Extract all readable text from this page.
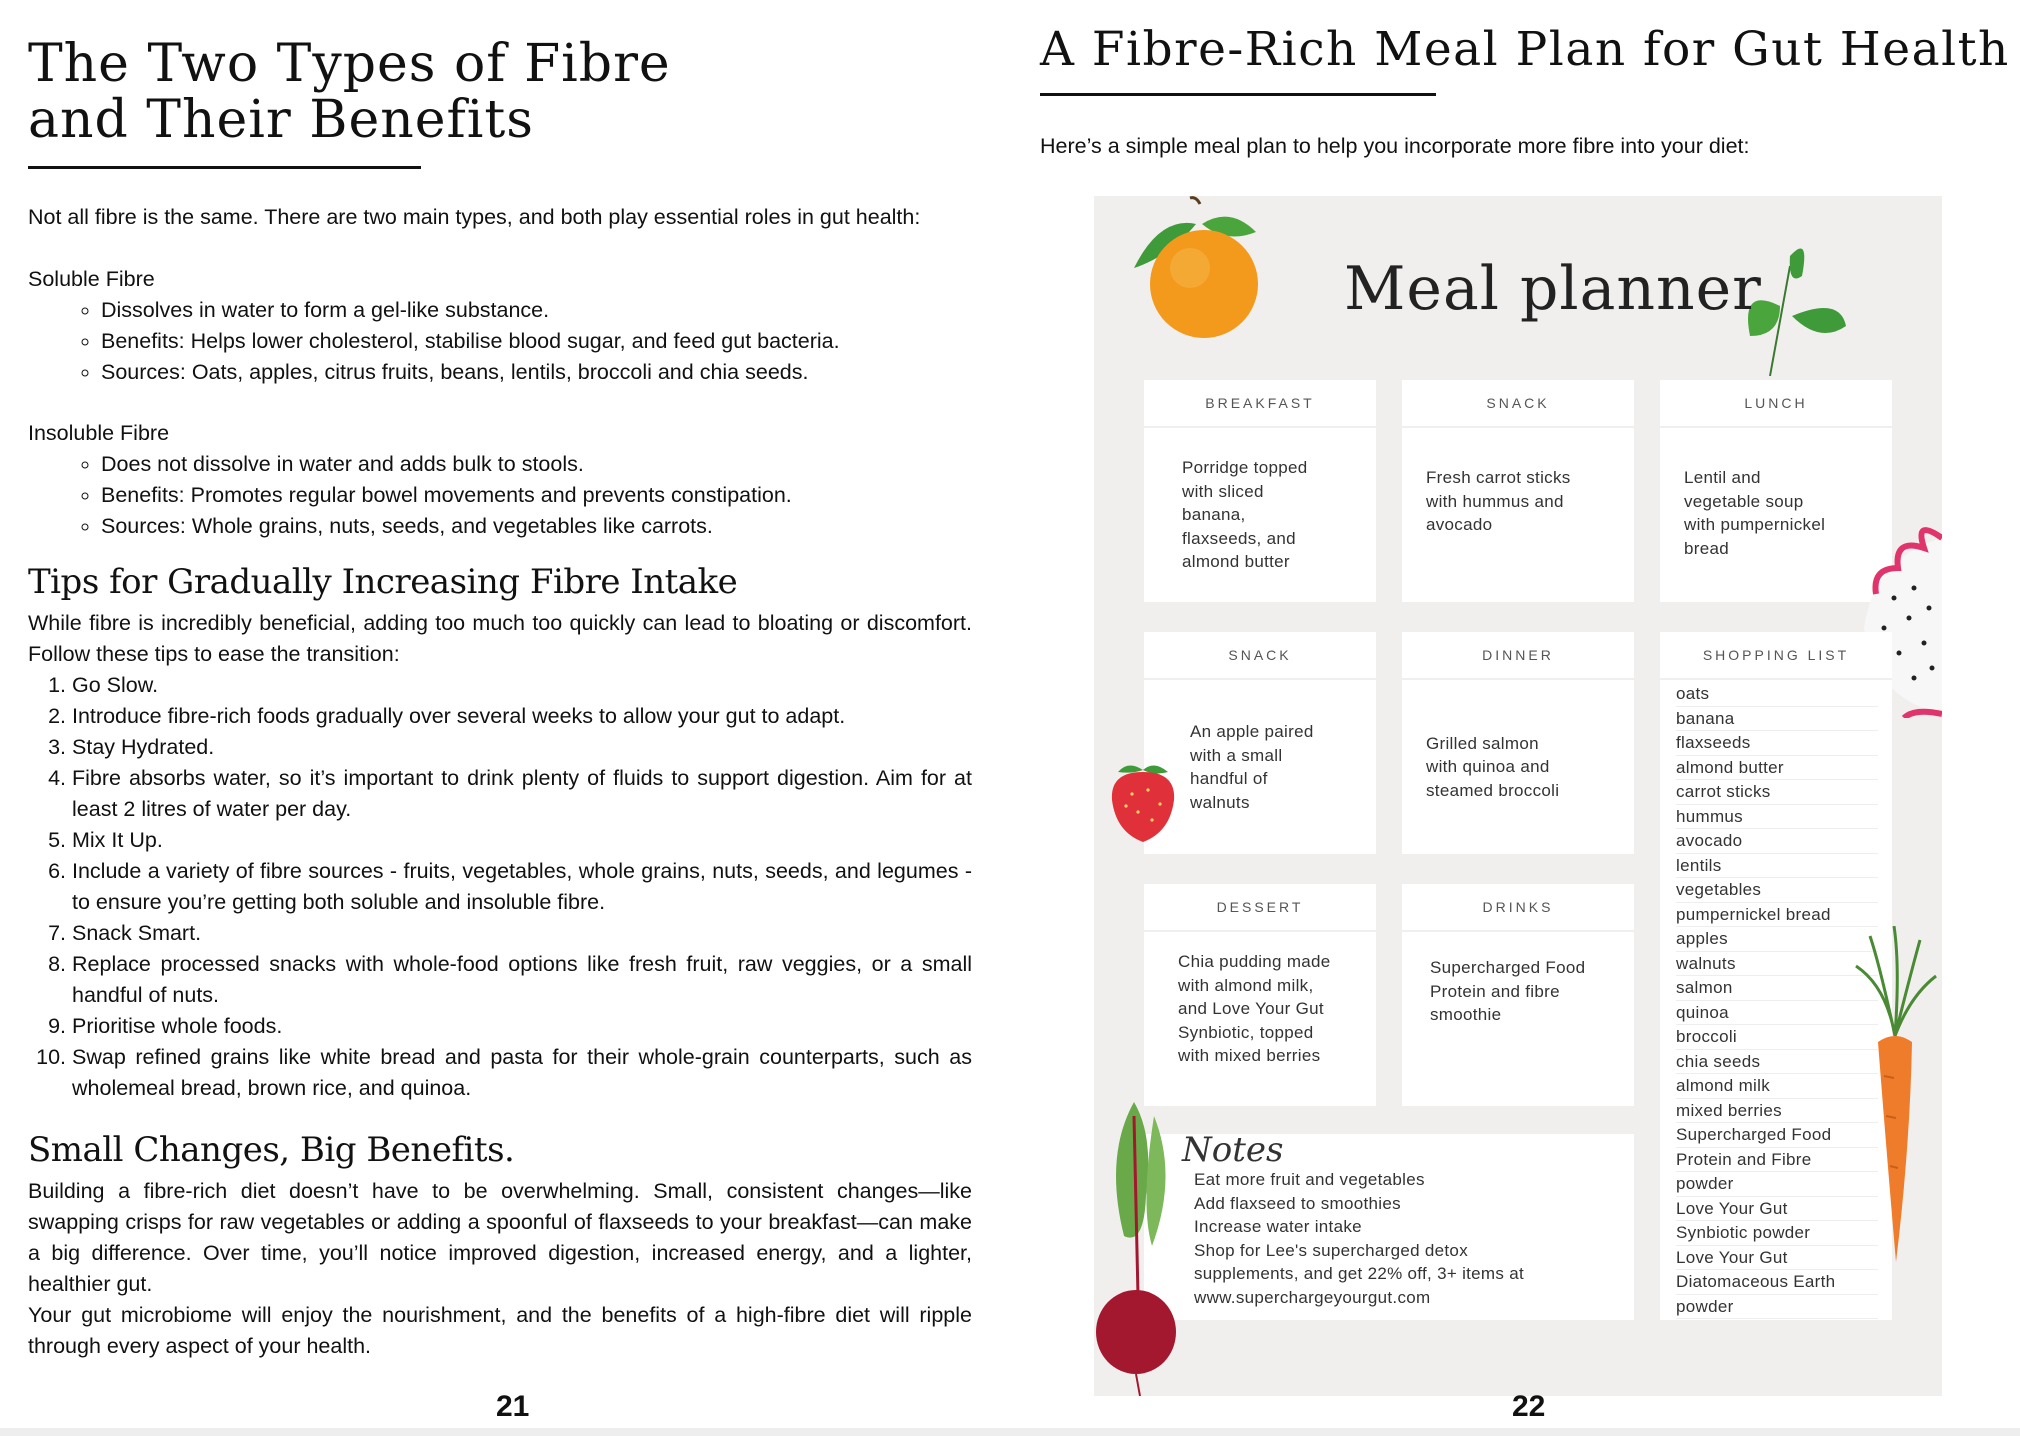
The Two Types of Fibre
and Their Benefits

Not all fibre is the same. There are two main types, and both play essential roles in gut health:

Soluble Fibre
◦ Dissolves in water to form a gel-like substance.
◦ Benefits: Helps lower cholesterol, stabilise blood sugar, and feed gut bacteria.
◦ Sources: Oats, apples, citrus fruits, beans, lentils, broccoli and chia seeds.
Insoluble Fibre
◦ Does not dissolve in water and adds bulk to stools.
◦ Benefits: Promotes regular bowel movements and prevents constipation.
◦ Sources: Whole grains, nuts, seeds, and vegetables like carrots.
Tips for Gradually Increasing Fibre Intake

While fibre is incredibly beneficial, adding too much too quickly can lead to bloating or discomfort. Follow these tips to ease the transition:

1. Go Slow.
2. Introduce fibre-rich foods gradually over several weeks to allow your gut to adapt.
3. Stay Hydrated.
4. Fibre absorbs water, so it’s important to drink plenty of fluids to support digestion. Aim for at least 2 litres of water per day.
5. Mix It Up.
6. Include a variety of fibre sources - fruits, vegetables, whole grains, nuts, seeds, and legumes - to ensure you’re getting both soluble and insoluble fibre.
7. Snack Smart.
8. Replace processed snacks with whole-food options like fresh fruit, raw veggies, or a small handful of nuts.
9. Prioritise whole foods.
10. Swap refined grains like white bread and pasta for their whole-grain counterparts, such as wholemeal bread, brown rice, and quinoa.
Small Changes, Big Benefits.

Building a fibre-rich diet doesn’t have to be overwhelming. Small, consistent changes—like swapping crisps for raw vegetables or adding a spoonful of flaxseeds to your breakfast—can make a big difference. Over time, you’ll notice improved digestion, increased energy, and a lighter, healthier gut.

Your gut microbiome will enjoy the nourishment, and the benefits of a high-fibre diet will ripple through every aspect of your health.

21
A Fibre-Rich Meal Plan for Gut Health

Here’s a simple meal plan to help you incorporate more fibre into your diet:

Meal planner
BREAKFAST

Porridge topped
with sliced
banana,
flaxseeds, and
almond butter

SNACK

Fresh carrot sticks
with hummus and
avocado

LUNCH

Lentil and
vegetable soup
with pumpernickel
bread

SNACK

An apple paired
with a small
handful of
walnuts

DINNER

Grilled salmon
with quinoa and
steamed broccoli

SHOPPING LIST
oats
banana
flaxseeds
almond butter
carrot sticks
hummus
avocado
lentils
vegetables
pumpernickel bread
apples
walnuts
salmon
quinoa
broccoli
chia seeds
almond milk
mixed berries
Supercharged Food
Protein and Fibre
powder
Love Your Gut
Synbiotic powder
Love Your Gut
Diatomaceous Earth
powder
DESSERT

Chia pudding made
with almond milk,
and Love Your Gut
Synbiotic, topped
with mixed berries

DRINKS

Supercharged Food
Protein and fibre
smoothie

Notes
Eat more fruit and vegetables
Add flaxseed to smoothies
Increase water intake
Shop for Lee's supercharged detox
supplements, and get 22% off, 3+ items at
www.superchargeyourgut.com
22
